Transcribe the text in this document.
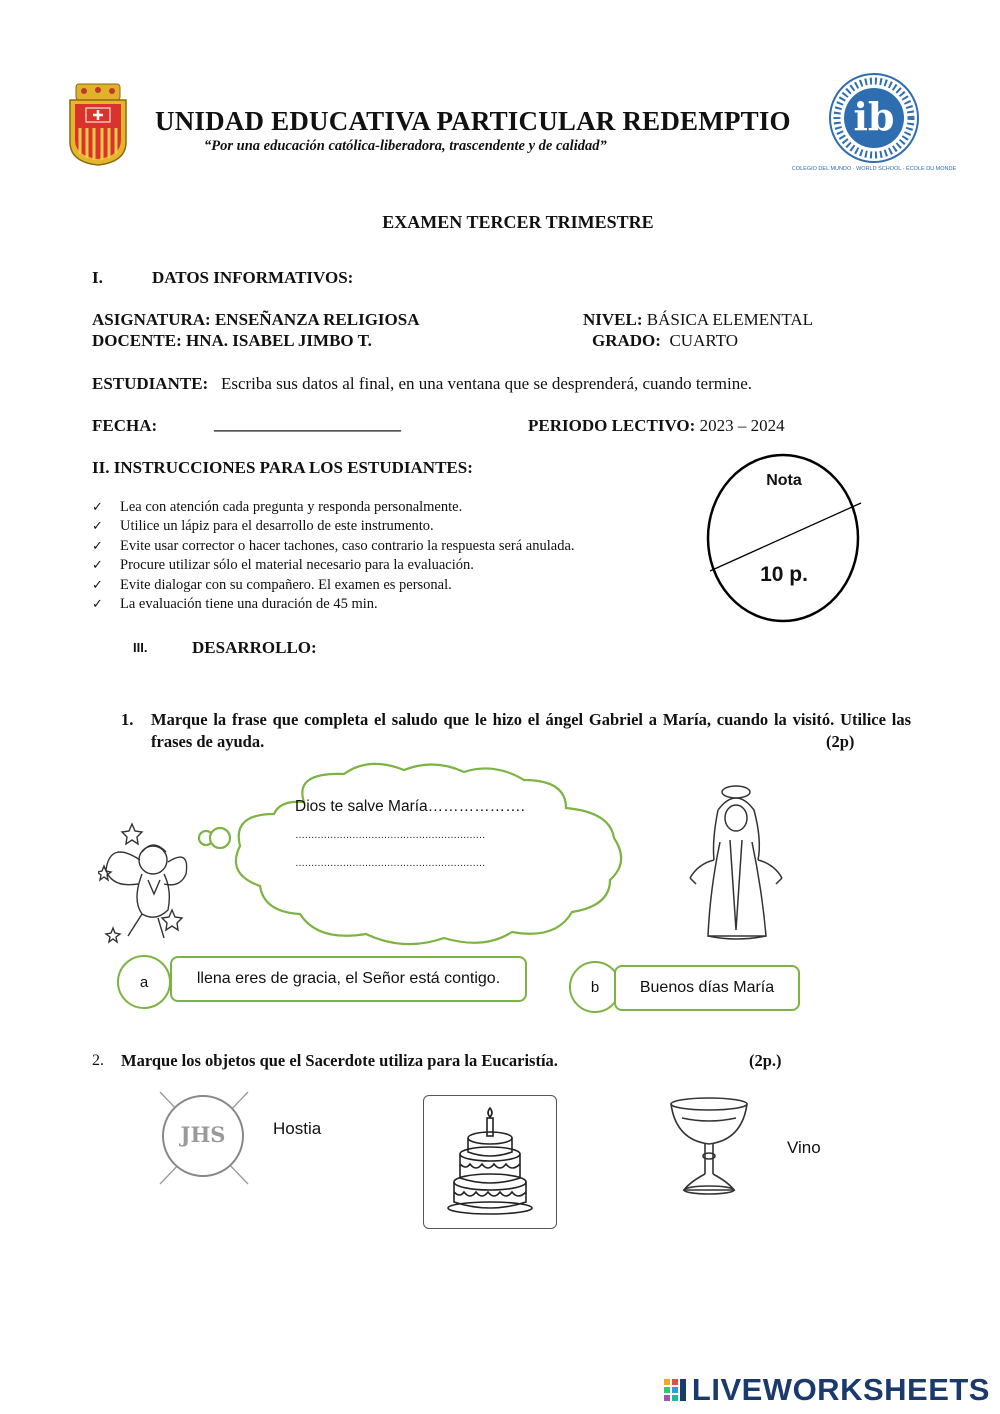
UNIDAD EDUCATIVA PARTICULAR REDEMPTIO
“Por una educación católica-liberadora, trascendente y de calidad”
ib
COLEGIO DEL MUNDO · WORLD SCHOOL · ÉCOLE DU MONDE
EXAMEN TERCER TRIMESTRE
I.	DATOS INFORMATIVOS:
ASIGNATURA: ENSEÑANZA RELIGIOSA	NIVEL: BÁSICA ELEMENTAL
DOCENTE: HNA. ISABEL JIMBO T.	GRADO: CUARTO
ESTUDIANTE: Escriba sus datos al final, en una ventana que se desprenderá, cuando termine.
FECHA:	______________________	PERIODO LECTIVO: 2023 – 2024
II. INSTRUCCIONES PARA LOS ESTUDIANTES:
✓ Lea con atención cada pregunta y responda personalmente.
✓ Utilice un lápiz para el desarrollo de este instrumento.
✓ Evite usar corrector o hacer tachones, caso contrario la respuesta será anulada.
✓ Procure utilizar sólo el material necesario para la evaluación.
✓ Evite dialogar con su compañero. El examen es personal.
✓ La evaluación tiene una duración de 45 min.
Nota
10 p.
III.	DESARROLLO:
1. Marque la frase que completa el saludo que le hizo el ángel Gabriel a María, cuando la visitó. Utilice las frases de ayuda.	(2p)
Dios te salve María……………….
……………………………………………………
……………………………………………………
a	llena eres de gracia, el Señor está contigo.	b	Buenos días María
2. Marque los objetos que el Sacerdote utiliza para la Eucaristía.	(2p.)
JHS	Hostia
Vino
LIVEWORKSHEETS
